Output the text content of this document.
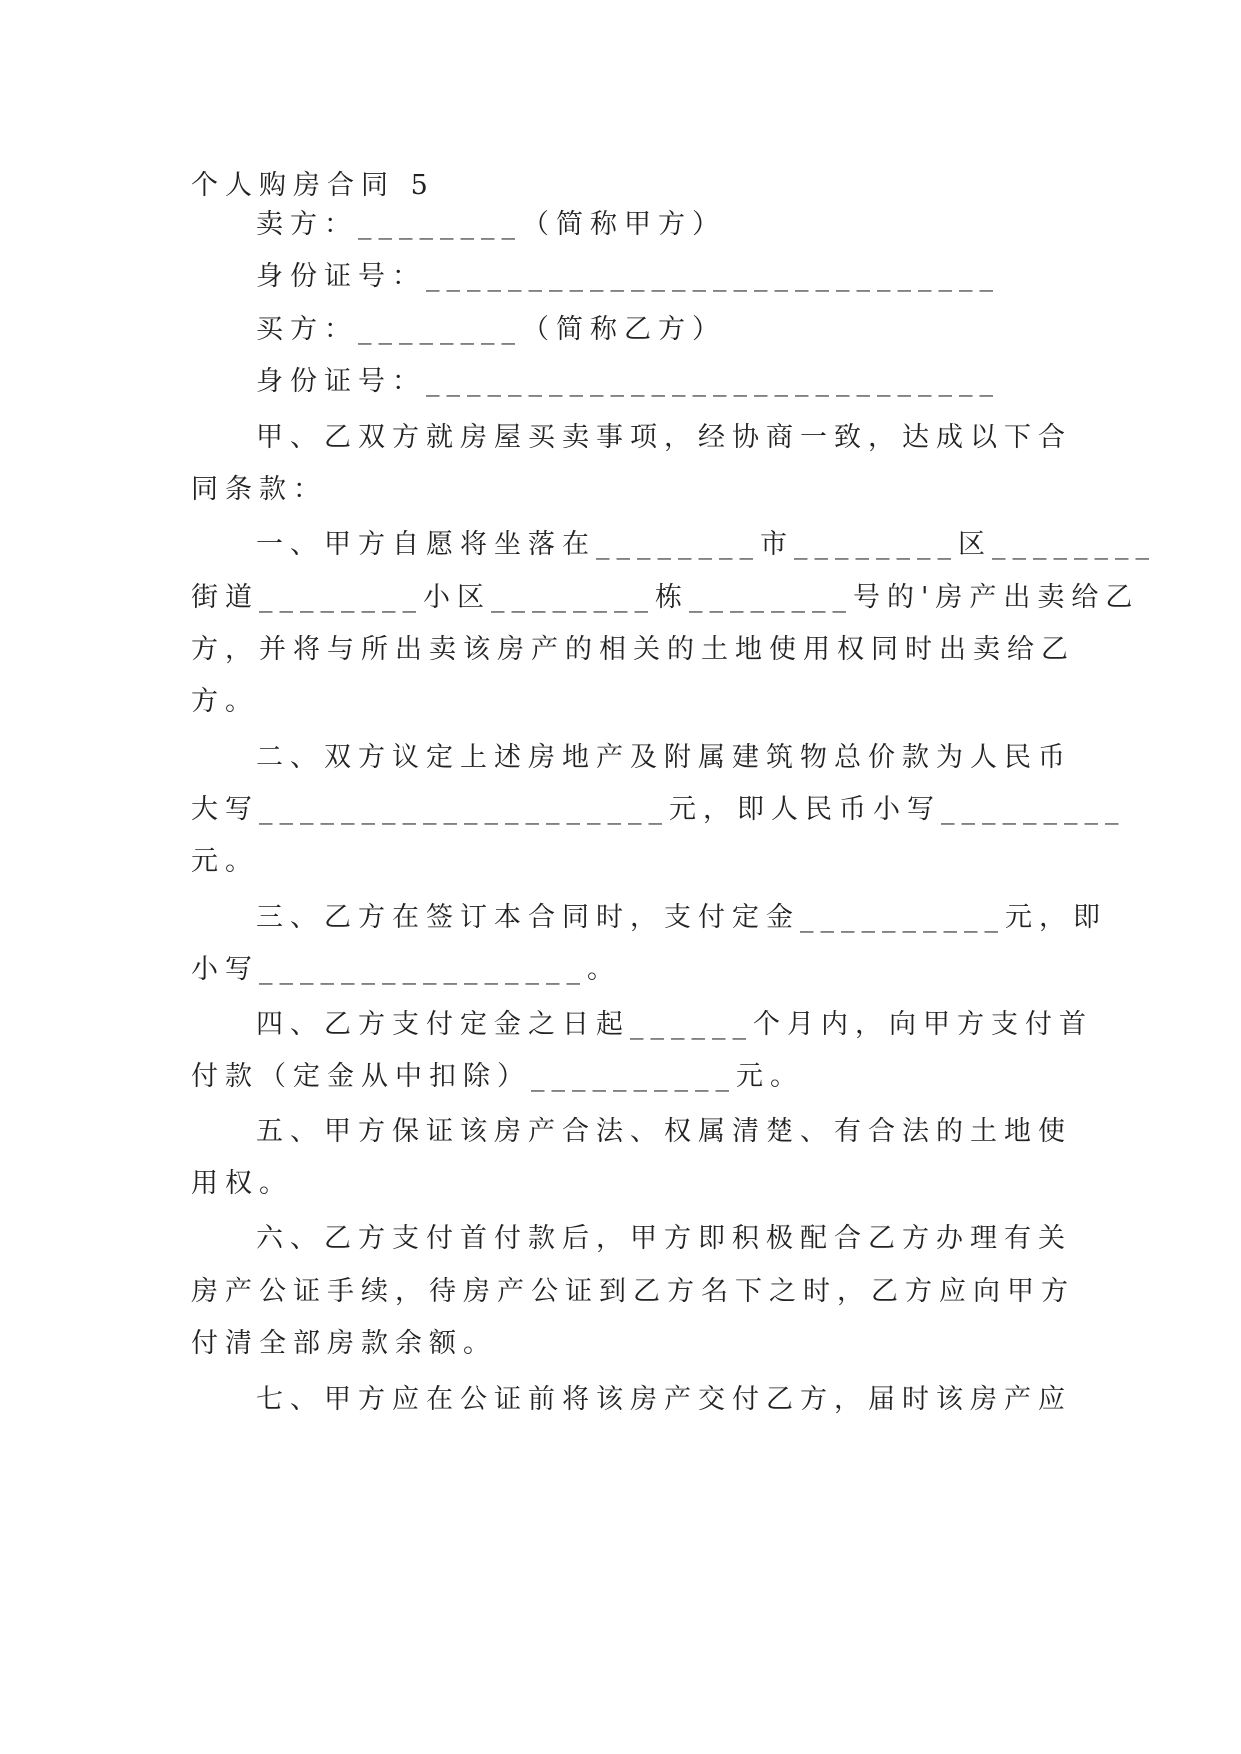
个人购房合同 5
卖方：________（简称甲方）
身份证号：____________________________
买方：________（简称乙方）
身份证号：____________________________
甲、乙双方就房屋买卖事项，经协商一致，达成以下合
同条款：
一、甲方自愿将坐落在________市________区________
街道________小区________栋________号的'房产出卖给乙
方，并将与所出卖该房产的相关的土地使用权同时出卖给乙
方。
二、双方议定上述房地产及附属建筑物总价款为人民币
大写____________________元，即人民币小写_________
元。
三、乙方在签订本合同时，支付定金__________元，即
小写________________。
四、乙方支付定金之日起______个月内，向甲方支付首
付款（定金从中扣除）__________元。
五、甲方保证该房产合法、权属清楚、有合法的土地使
用权。
六、乙方支付首付款后，甲方即积极配合乙方办理有关
房产公证手续，待房产公证到乙方名下之时，乙方应向甲方
付清全部房款余额。
七、甲方应在公证前将该房产交付乙方，届时该房产应
